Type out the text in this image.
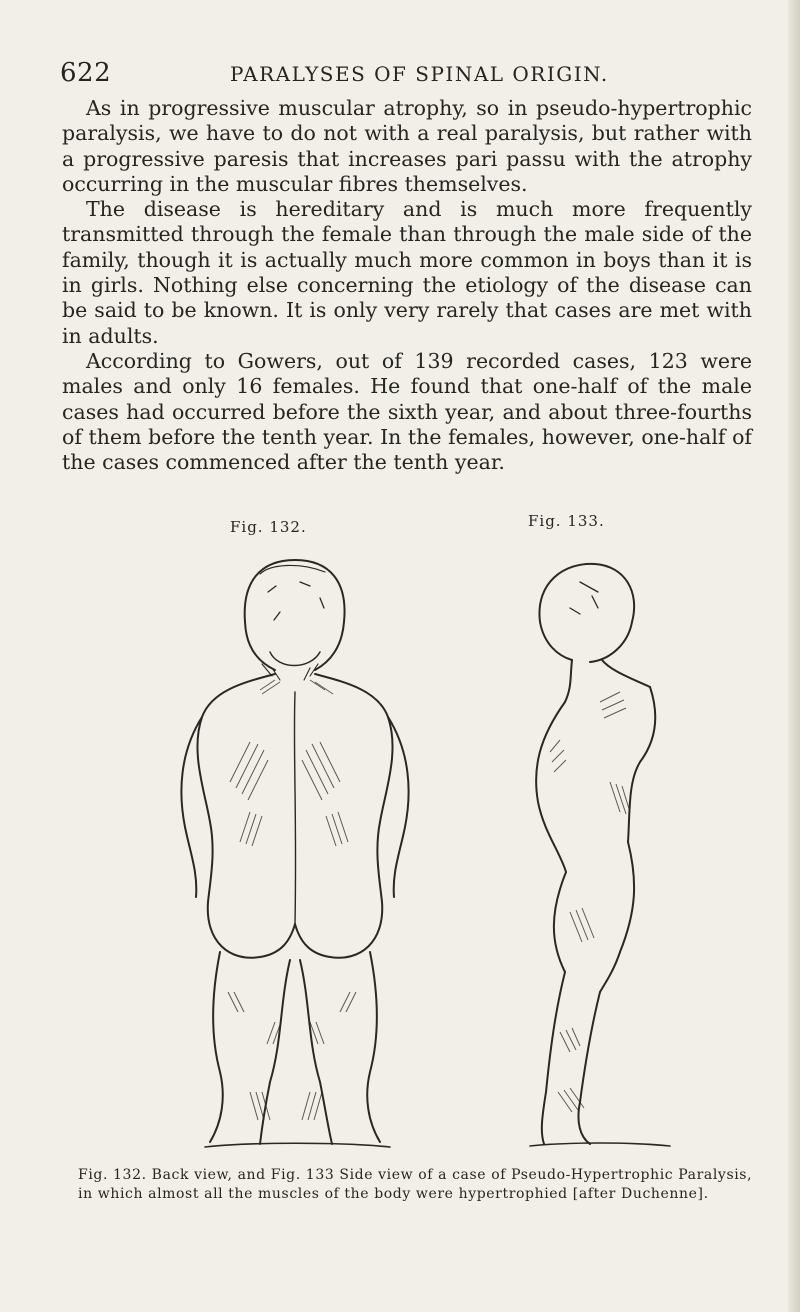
622	PARALYSES OF SPINAL ORIGIN.

As in progressive muscular atrophy, so in pseudo-hypertrophic paralysis, we have to do not with a real paralysis, but rather with a progressive paresis that increases pari passu with the atrophy occurring in the muscular fibres themselves.

The disease is hereditary and is much more frequently transmitted through the female than through the male side of the family, though it is actually much more common in boys than it is in girls. Nothing else concerning the etiology of the disease can be said to be known. It is only very rarely that cases are met with in adults.

According to Gowers, out of 139 recorded cases, 123 were males and only 16 females. He found that one-half of the male cases had occurred before the sixth year, and about three-fourths of them before the tenth year. In the females, however, one-half of the cases commenced after the tenth year.

Fig. 132.	Fig. 133.
Fig. 132. Back view, and Fig. 133 Side view of a case of Pseudo-Hypertrophic Paralysis, in which almost all the muscles of the body were hypertrophied [after Duchenne].
